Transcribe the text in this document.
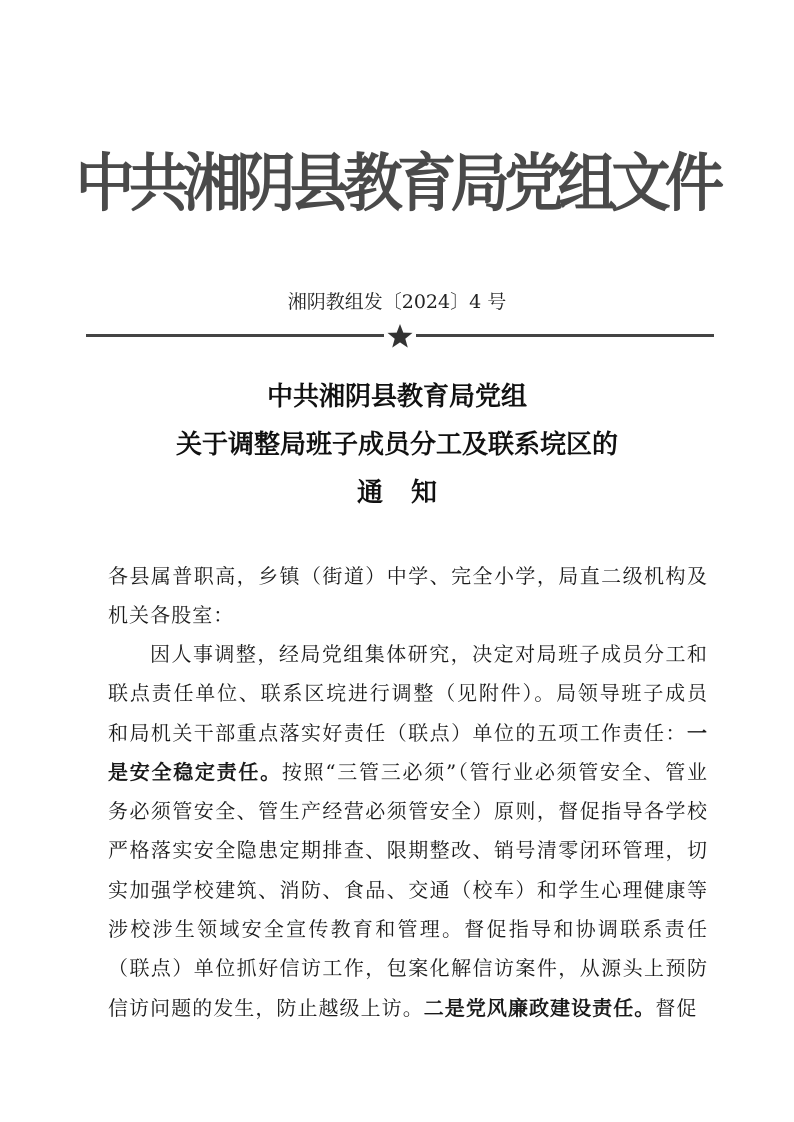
中共湘阴县教育局党组文件
湘阴教组发〔2024〕4 号
中共湘阴县教育局党组
关于调整局班子成员分工及联系垸区的
通知

各县属普职高，乡镇（街道）中学、完全小学，局直二级机构及机关各股室：

因人事调整，经局党组集体研究，决定对局班子成员分工和联点责任单位、联系区垸进行调整（见附件）。局领导班子成员和局机关干部重点落实好责任（联点）单位的五项工作责任：一是安全稳定责任。按照“三管三必须”（管行业必须管安全、管业务必须管安全、管生产经营必须管安全）原则，督促指导各学校严格落实安全隐患定期排查、限期整改、销号清零闭环管理，切实加强学校建筑、消防、食品、交通（校车）和学生心理健康等涉校涉生领域安全宣传教育和管理。督促指导和协调联系责任（联点）单位抓好信访工作，包案化解信访案件，从源头上预防信访问题的发生，防止越级上访。二是党风廉政建设责任。督促
